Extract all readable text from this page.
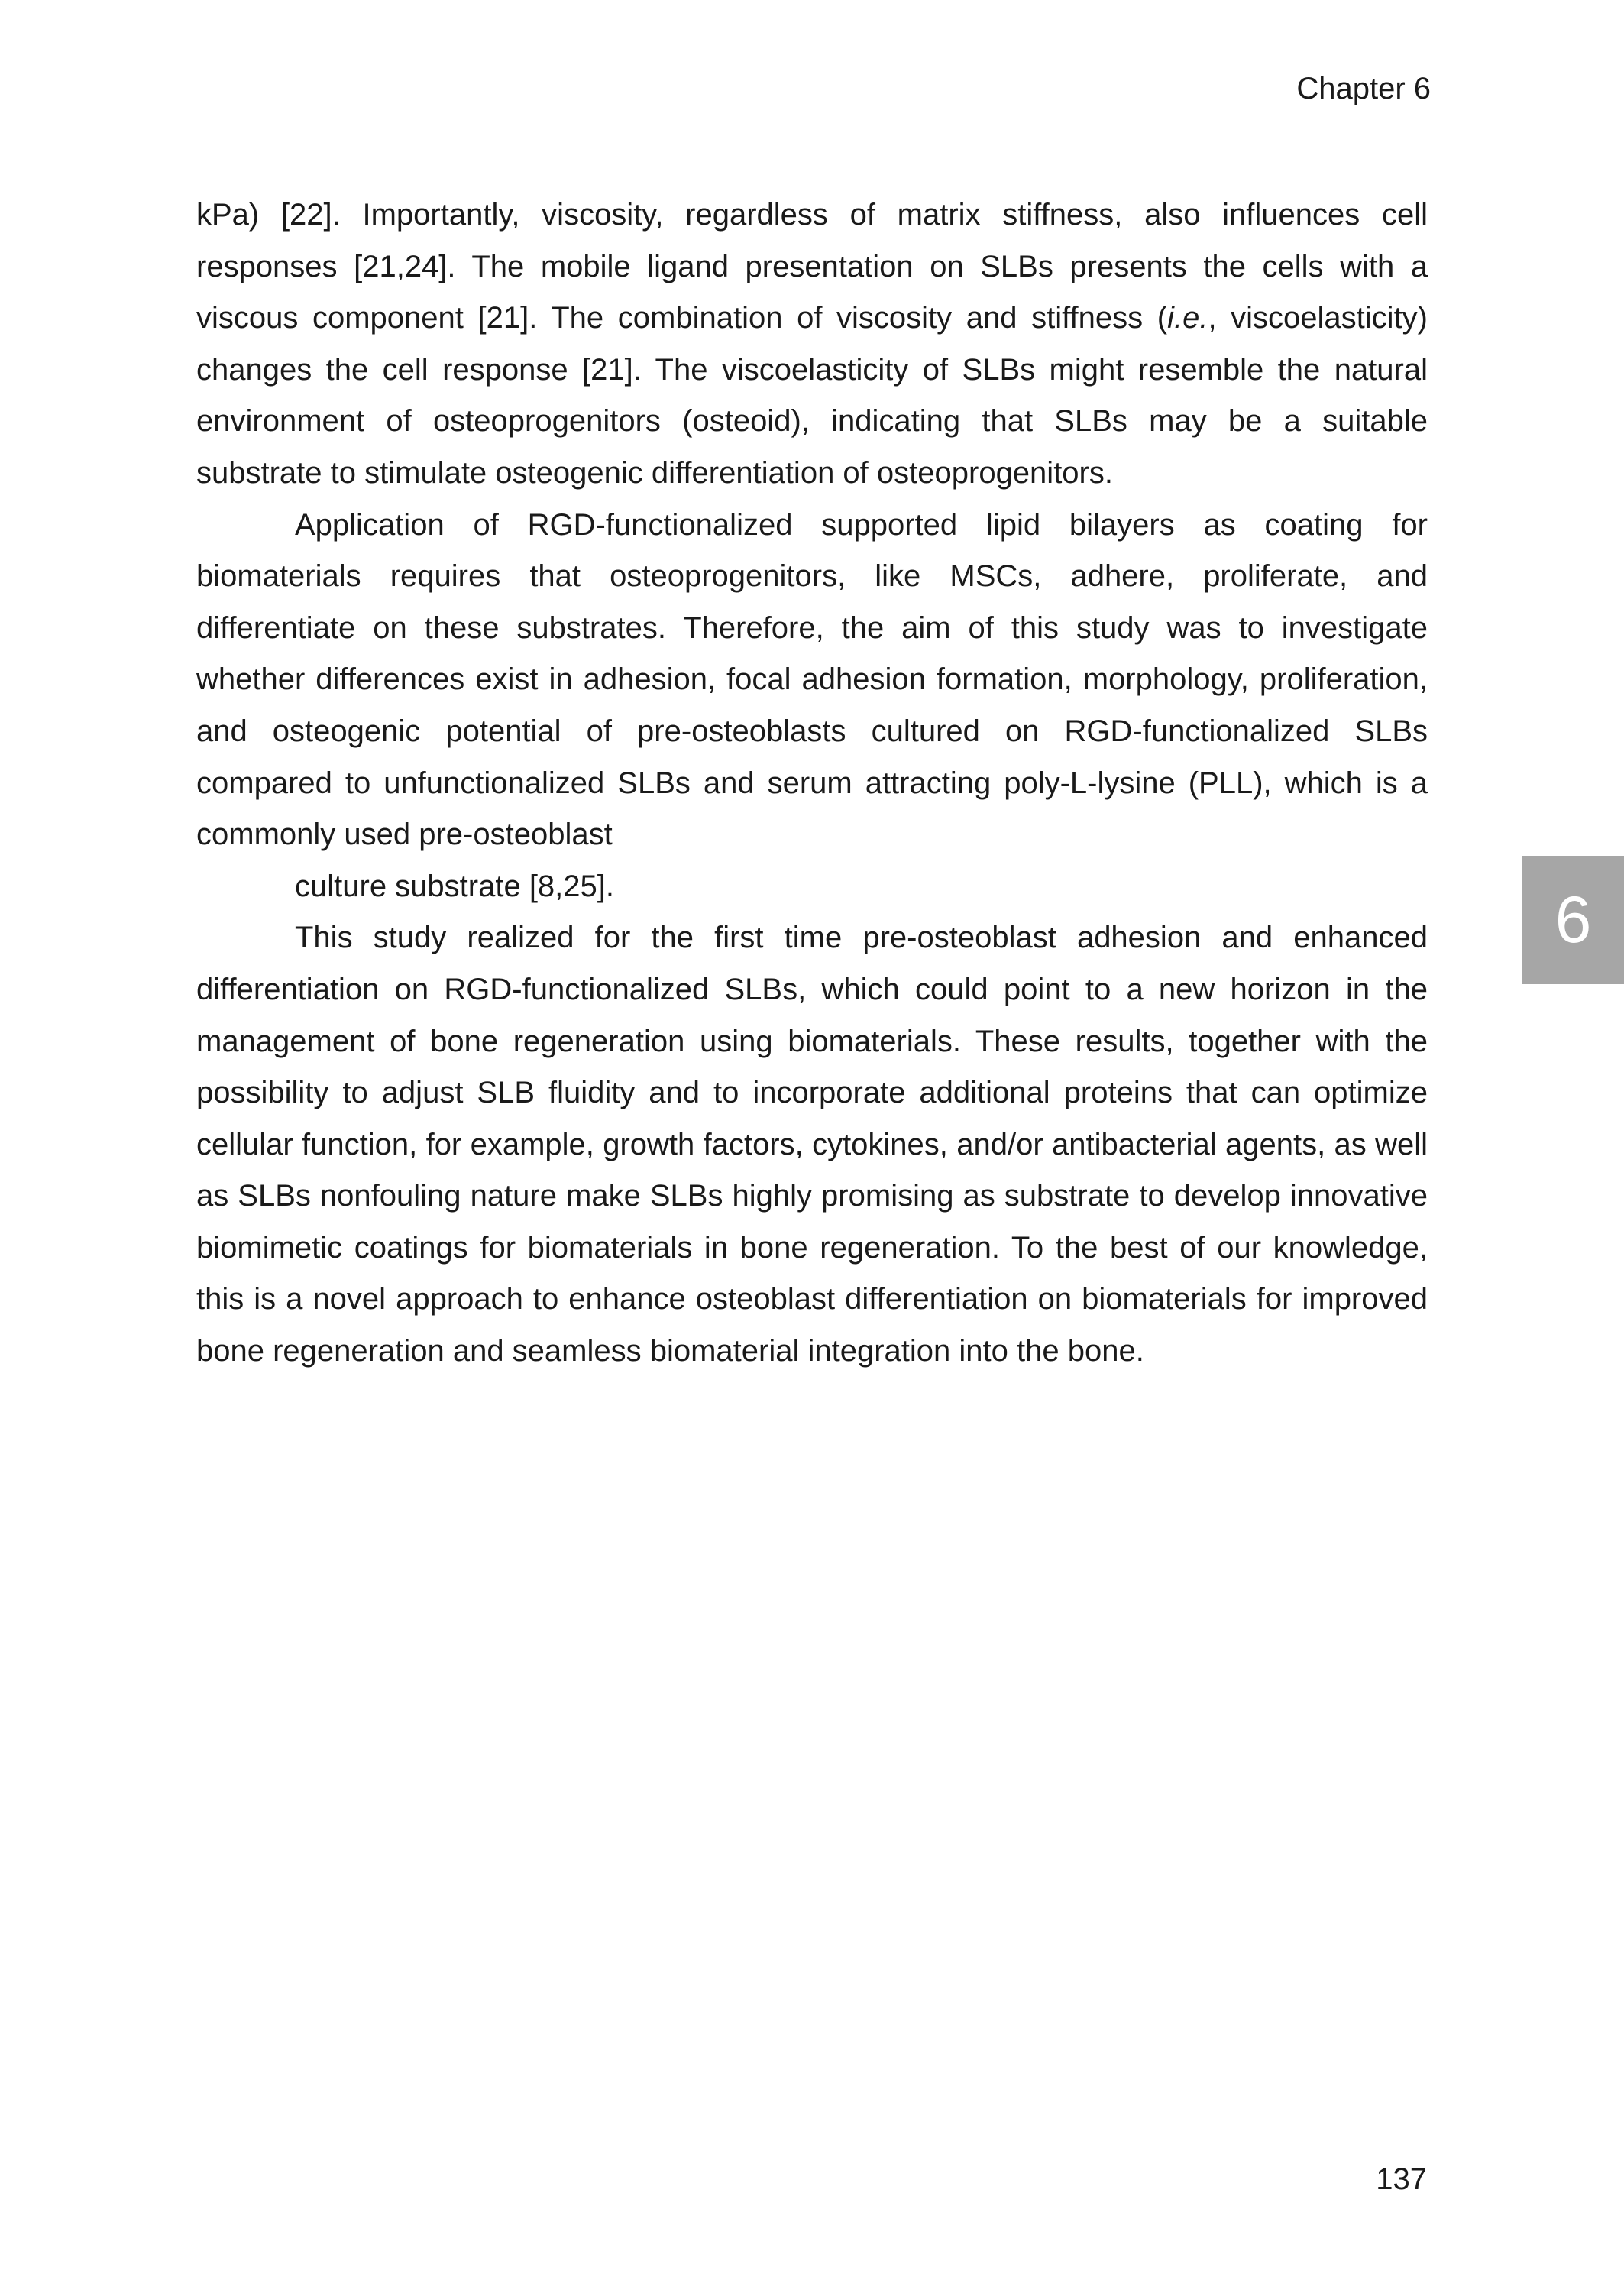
Chapter 6

kPa) [22]. Importantly, viscosity, regardless of matrix stiffness, also influences cell responses [21,24]. The mobile ligand presentation on SLBs presents the cells with a viscous component [21]. The combination of viscosity and stiffness (i.e., viscoelasticity) changes the cell response [21]. The viscoelasticity of SLBs might resemble the natural environment of osteoprogenitors (osteoid), indicating that SLBs may be a suitable substrate to stimulate osteogenic differentiation of osteoprogenitors.

Application of RGD-functionalized supported lipid bilayers as coating for biomaterials requires that osteoprogenitors, like MSCs, adhere, proliferate, and differentiate on these substrates. Therefore, the aim of this study was to investigate whether differences exist in adhesion, focal adhesion formation, morphology, proliferation, and osteogenic potential of pre-osteoblasts cultured on RGD-functionalized SLBs compared to unfunctionalized SLBs and serum attracting poly-L-lysine (PLL), which is a commonly used pre-osteoblast
culture substrate [8,25].

This study realized for the first time pre-osteoblast adhesion and enhanced differentiation on RGD-functionalized SLBs, which could point to a new horizon in the management of bone regeneration using biomaterials. These results, together with the possibility to adjust SLB fluidity and to incorporate additional proteins that can optimize cellular function, for example, growth factors, cytokines, and/or antibacterial agents, as well as SLBs nonfouling nature make SLBs highly promising as substrate to develop innovative biomimetic coatings for biomaterials in bone regeneration. To the best of our knowledge, this is a novel approach to enhance osteoblast differentiation on biomaterials for improved bone regeneration and seamless biomaterial integration into the bone.

6
137
